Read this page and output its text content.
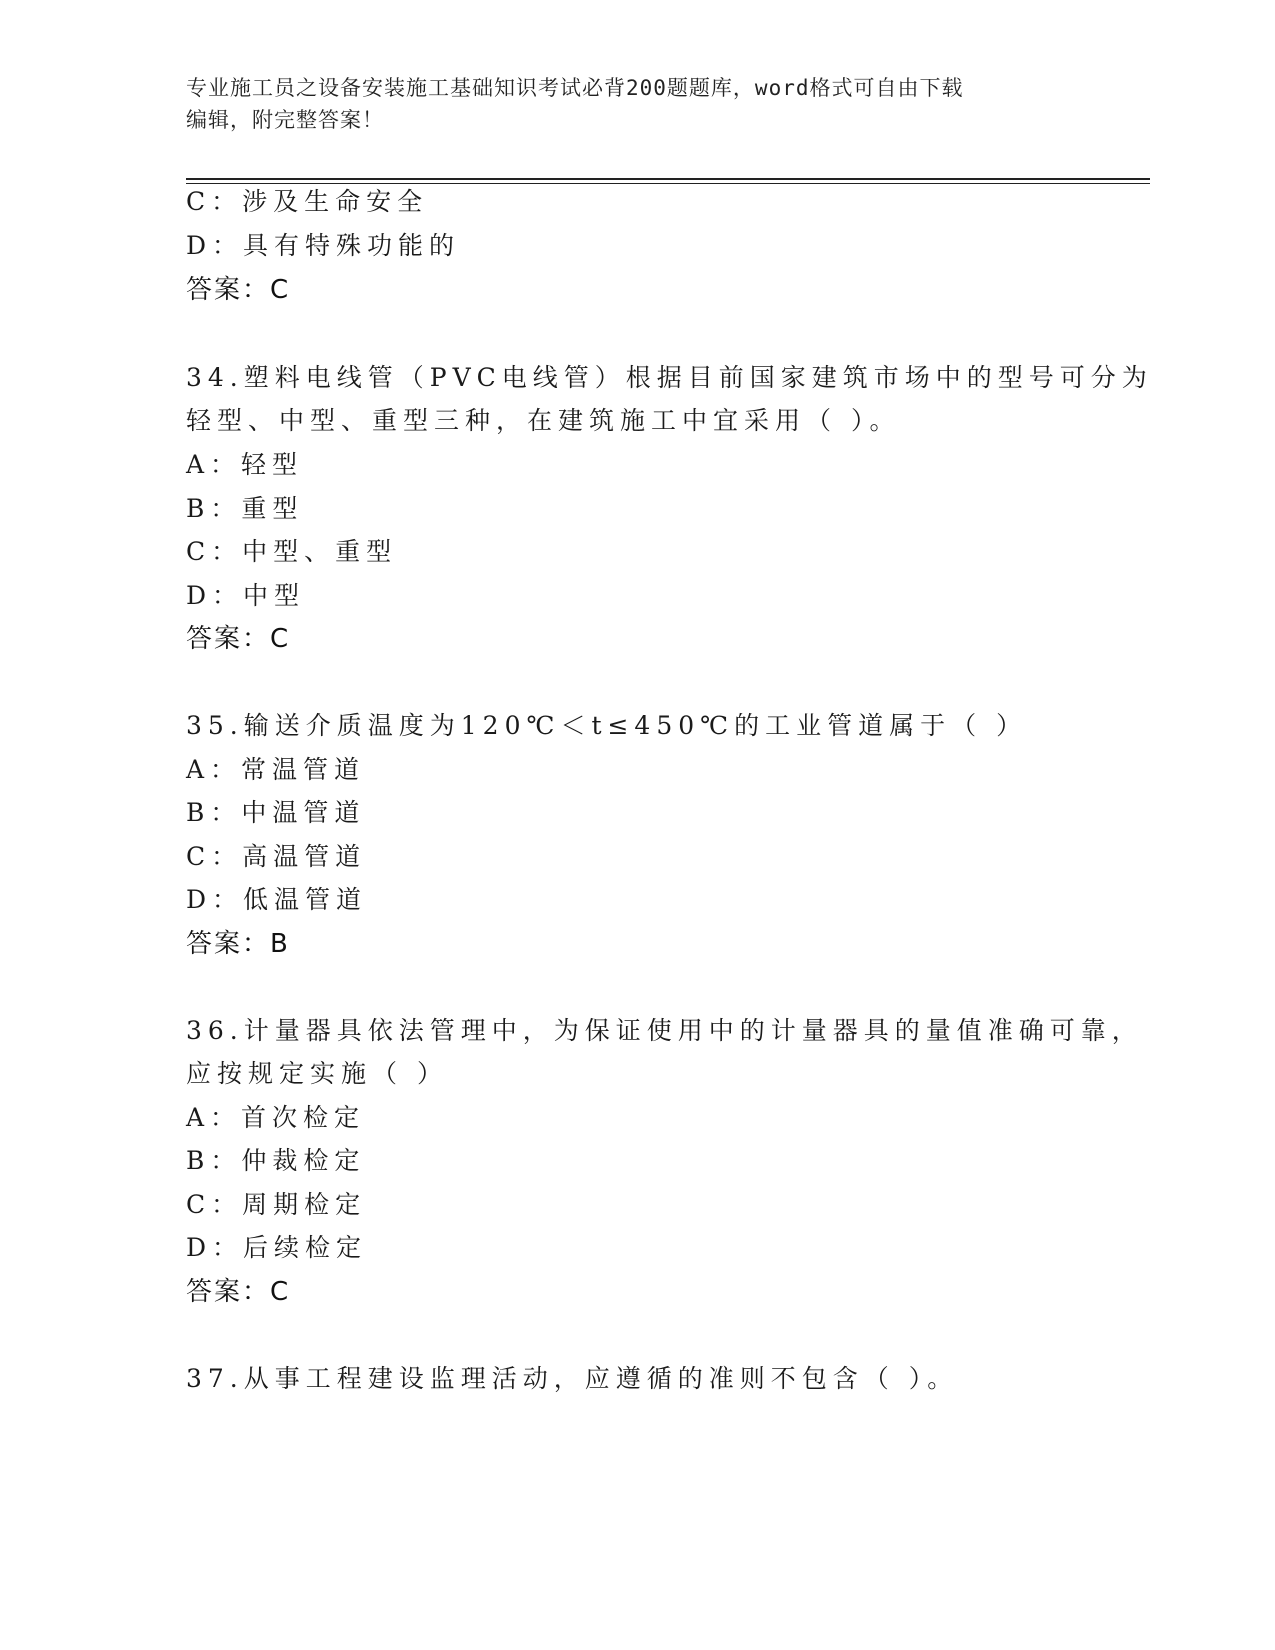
专业施工员之设备安装施工基础知识考试必背200题题库，word格式可自由下载
编辑，附完整答案！
C：涉及生命安全
D：具有特殊功能的
答案：C
34.塑料电线管（PVC电线管）根据目前国家建筑市场中的型号可分为
轻型、中型、重型三种，在建筑施工中宜采用（ ）。
A：轻型
B：重型
C：中型、重型
D：中型
答案：C
35.输送介质温度为120℃＜t≤450℃的工业管道属于（ ）
A：常温管道
B：中温管道
C：高温管道
D：低温管道
答案：B
36.计量器具依法管理中，为保证使用中的计量器具的量值准确可靠，
应按规定实施（ ）
A：首次检定
B：仲裁检定
C：周期检定
D：后续检定
答案：C
37.从事工程建设监理活动，应遵循的准则不包含（ ）。
